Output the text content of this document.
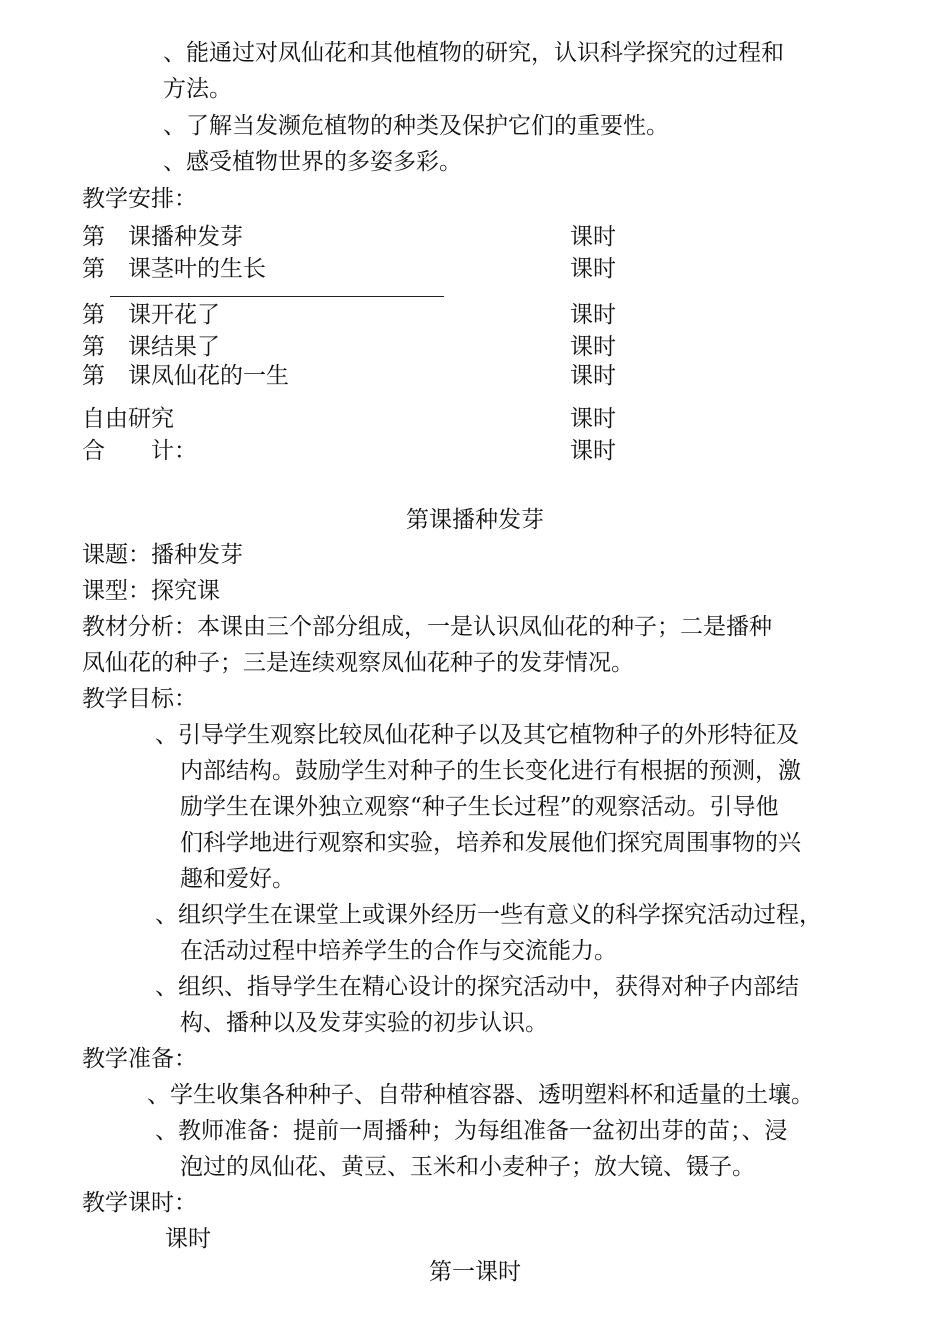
、能通过对凤仙花和其他植物的研究，认识科学探究的过程和
方法。
、了解当发濒危植物的种类及保护它们的重要性。
、感受植物世界的多姿多彩。
教学安排：
第　课播种发芽	课时
第　课茎叶的生长	课时
第　课开花了	课时
第　课结果了	课时
第　课凤仙花的一生	课时
自由研究	课时
合　　计：	课时
第课播种发芽
课题：播种发芽
课型：探究课
教材分析：本课由三个部分组成，一是认识凤仙花的种子；二是播种
凤仙花的种子；三是连续观察凤仙花种子的发芽情况。
教学目标：
、引导学生观察比较凤仙花种子以及其它植物种子的外形特征及
内部结构。鼓励学生对种子的生长变化进行有根据的预测，激
励学生在课外独立观察“种子生长过程”的观察活动。引导他
们科学地进行观察和实验，培养和发展他们探究周围事物的兴
趣和爱好。
、组织学生在课堂上或课外经历一些有意义的科学探究活动过程，
在活动过程中培养学生的合作与交流能力。
、组织、指导学生在精心设计的探究活动中，获得对种子内部结
构、播种以及发芽实验的初步认识。
教学准备：
、学生收集各种种子、自带种植容器、透明塑料杯和适量的土壤。
、教师准备：提前一周播种；为每组准备一盆初出芽的苗；、浸
泡过的凤仙花、黄豆、玉米和小麦种子；放大镜、镊子。
教学课时：
课时
第一课时
